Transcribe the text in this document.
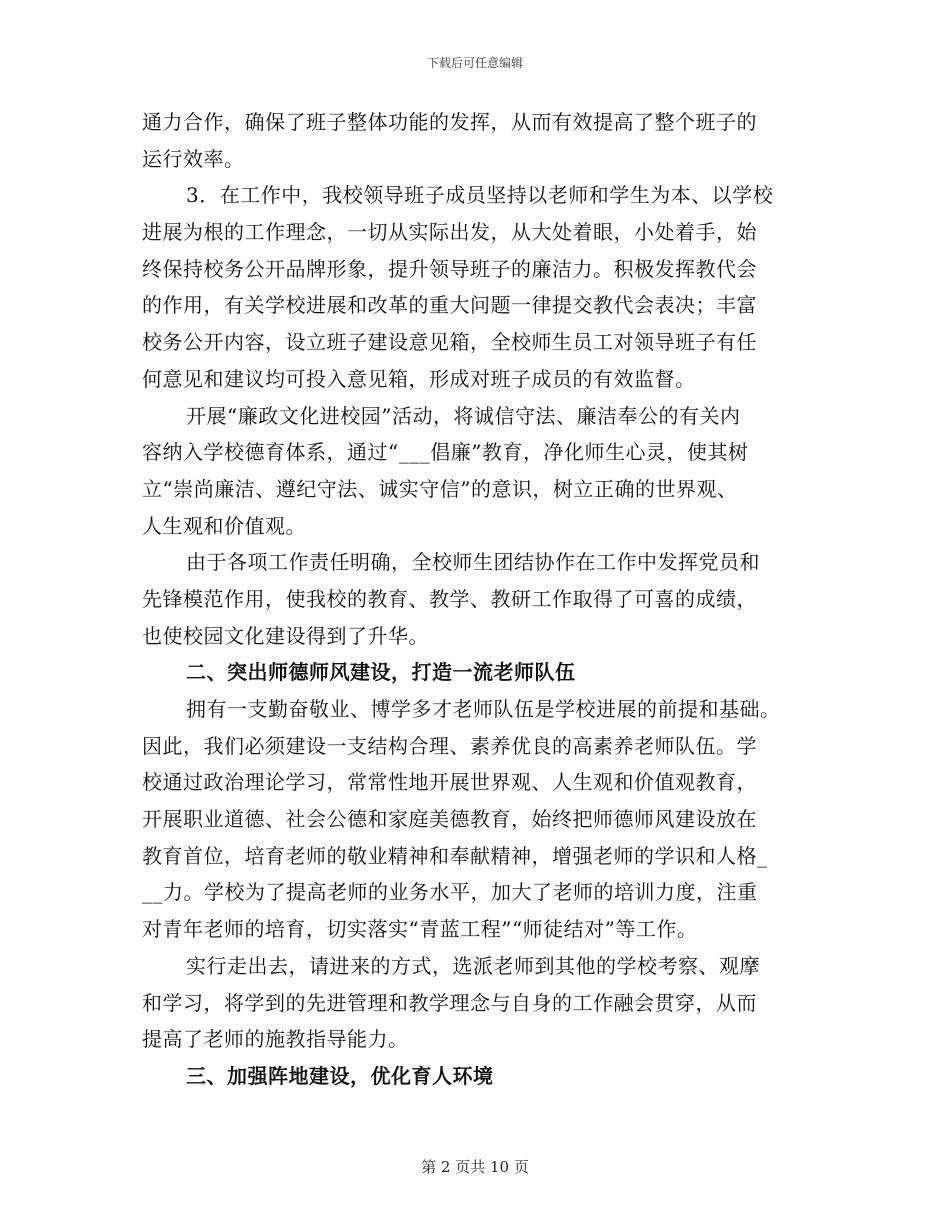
下载后可任意编辑
通力合作，确保了班子整体功能的发挥，从而有效提高了整个班子的
运行效率。
3．在工作中，我校领导班子成员坚持以老师和学生为本、以学校
进展为根的工作理念，一切从实际出发，从大处着眼，小处着手，始
终保持校务公开品牌形象，提升领导班子的廉洁力。积极发挥教代会
的作用，有关学校进展和改革的重大问题一律提交教代会表决；丰富
校务公开内容，设立班子建设意见箱，全校师生员工对领导班子有任
何意见和建议均可投入意见箱，形成对班子成员的有效监督。
开展“廉政文化进校园”活动，将诚信守法、廉洁奉公的有关内
容纳入学校德育体系，通过“___倡廉”教育，净化师生心灵，使其树
立“崇尚廉洁、遵纪守法、诚实守信”的意识，树立正确的世界观、
人生观和价值观。
由于各项工作责任明确，全校师生团结协作在工作中发挥党员和
先锋模范作用，使我校的教育、教学、教研工作取得了可喜的成绩，
也使校园文化建设得到了升华。
二、突出师德师风建设，打造一流老师队伍
拥有一支勤奋敬业、博学多才老师队伍是学校进展的前提和基础。
因此，我们必须建设一支结构合理、素养优良的高素养老师队伍。学
校通过政治理论学习，常常性地开展世界观、人生观和价值观教育，
开展职业道德、社会公德和家庭美德教育，始终把师德师风建设放在
教育首位，培育老师的敬业精神和奉献精神，增强老师的学识和人格_
__力。学校为了提高老师的业务水平，加大了老师的培训力度，注重
对青年老师的培育，切实落实“青蓝工程”“师徒结对”等工作。
实行走出去，请进来的方式，选派老师到其他的学校考察、观摩
和学习，将学到的先进管理和教学理念与自身的工作融会贯穿，从而
提高了老师的施教指导能力。
三、加强阵地建设，优化育人环境
第 2 页共 10 页
